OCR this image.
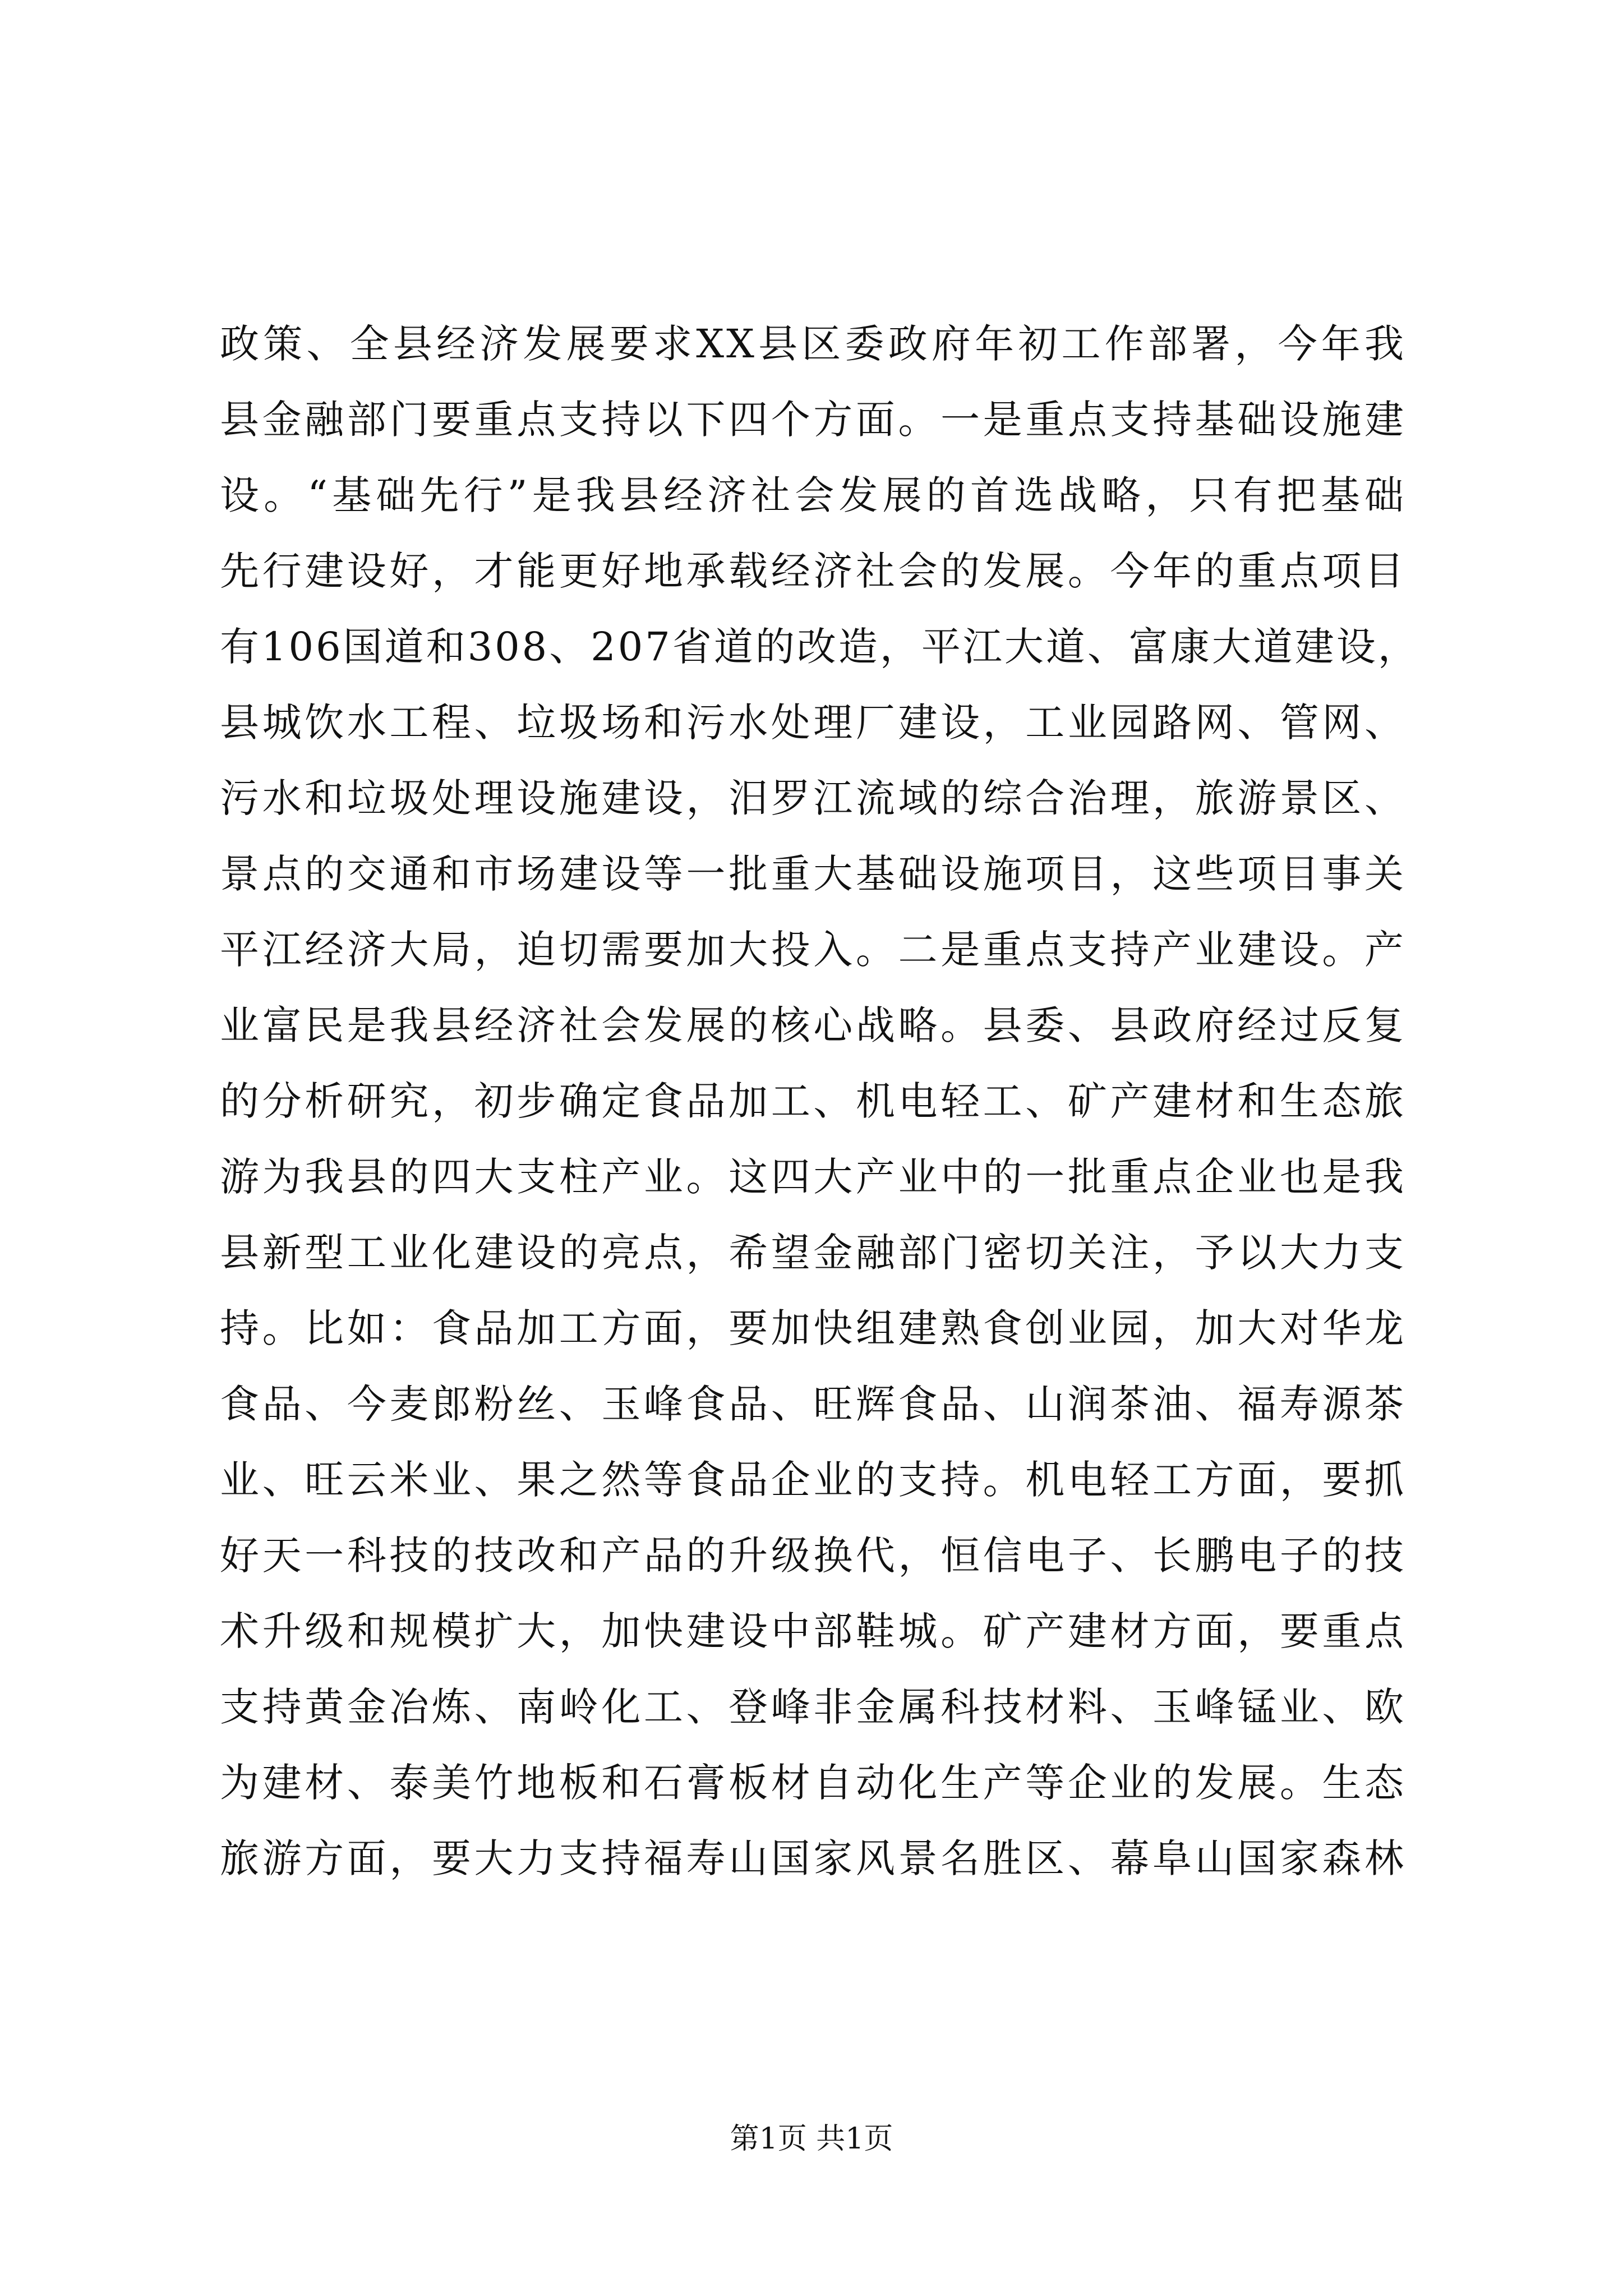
政策、全县经济发展要求XX县区委政府年初工作部署，今年我
县金融部门要重点支持以下四个方面。一是重点支持基础设施建
设。“基础先行”是我县经济社会发展的首选战略，只有把基础
先行建设好，才能更好地承载经济社会的发展。今年的重点项目
有106国道和308、207省道的改造，平江大道、富康大道建设，
县城饮水工程、垃圾场和污水处理厂建设，工业园路网、管网、
污水和垃圾处理设施建设，汨罗江流域的综合治理，旅游景区、
景点的交通和市场建设等一批重大基础设施项目，这些项目事关
平江经济大局，迫切需要加大投入。二是重点支持产业建设。产
业富民是我县经济社会发展的核心战略。县委、县政府经过反复
的分析研究，初步确定食品加工、机电轻工、矿产建材和生态旅
游为我县的四大支柱产业。这四大产业中的一批重点企业也是我
县新型工业化建设的亮点，希望金融部门密切关注，予以大力支
持。比如：食品加工方面，要加快组建熟食创业园，加大对华龙
食品、今麦郎粉丝、玉峰食品、旺辉食品、山润茶油、福寿源茶
业、旺云米业、果之然等食品企业的支持。机电轻工方面，要抓
好天一科技的技改和产品的升级换代，恒信电子、长鹏电子的技
术升级和规模扩大，加快建设中部鞋城。矿产建材方面，要重点
支持黄金冶炼、南岭化工、登峰非金属科技材料、玉峰锰业、欧
为建材、泰美竹地板和石膏板材自动化生产等企业的发展。生态
旅游方面，要大力支持福寿山国家风景名胜区、幕阜山国家森林
第1页 共1页
